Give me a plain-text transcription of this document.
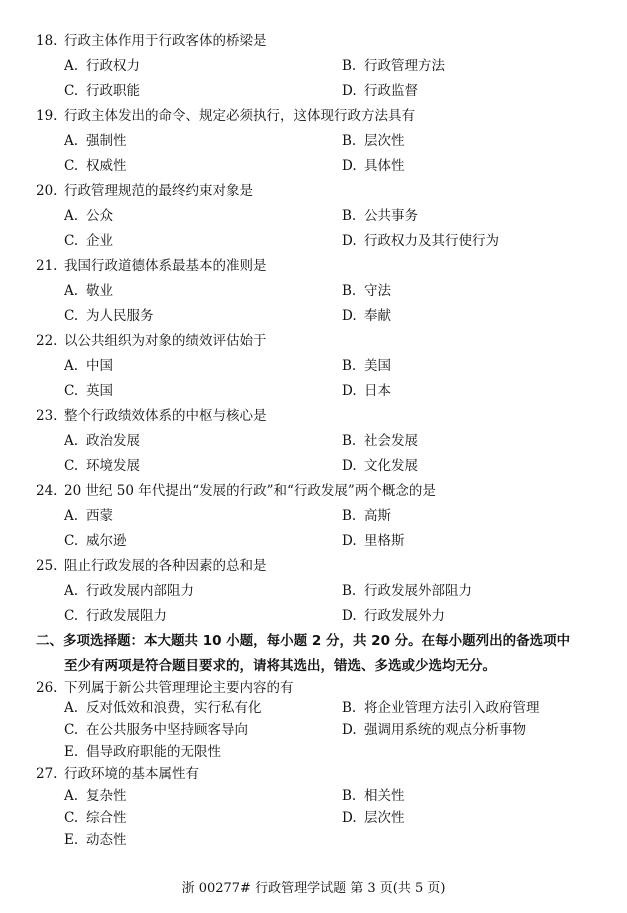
18. 行政主体作用于行政客体的桥梁是
A. 行政权力	B. 行政管理方法
C. 行政职能	D. 行政监督
19. 行政主体发出的命令、规定必须执行，这体现行政方法具有
A. 强制性	B. 层次性
C. 权威性	D. 具体性
20. 行政管理规范的最终约束对象是
A. 公众	B. 公共事务
C. 企业	D. 行政权力及其行使行为
21. 我国行政道德体系最基本的准则是
A. 敬业	B. 守法
C. 为人民服务	D. 奉献
22. 以公共组织为对象的绩效评估始于
A. 中国	B. 美国
C. 英国	D. 日本
23. 整个行政绩效体系的中枢与核心是
A. 政治发展	B. 社会发展
C. 环境发展	D. 文化发展
24. 20 世纪 50 年代提出“发展的行政”和“行政发展”两个概念的是
A. 西蒙	B. 高斯
C. 威尔逊	D. 里格斯
25. 阻止行政发展的各种因素的总和是
A. 行政发展内部阻力	B. 行政发展外部阻力
C. 行政发展阻力	D. 行政发展外力
二、多项选择题：本大题共 10 小题，每小题 2 分，共 20 分。在每小题列出的备选项中
至少有两项是符合题目要求的，请将其选出，错选、多选或少选均无分。
26. 下列属于新公共管理理论主要内容的有
A. 反对低效和浪费，实行私有化	B. 将企业管理方法引入政府管理
C. 在公共服务中坚持顾客导向	D. 强调用系统的观点分析事物
E. 倡导政府职能的无限性
27. 行政环境的基本属性有
A. 复杂性	B. 相关性
C. 综合性	D. 层次性
E. 动态性
浙 00277# 行政管理学试题 第 3 页(共 5 页)
